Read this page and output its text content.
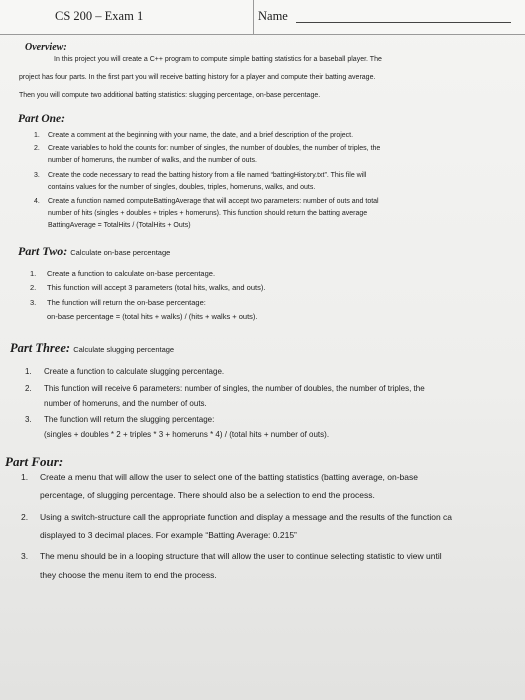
CS 200 – Exam 1	Name
Overview:
In this project you will create a C++ program to compute simple batting statistics for a baseball player. The
project has four parts. In the first part you will receive batting history for a player and compute their batting average.
Then you will compute two additional batting statistics: slugging percentage, on-base percentage.
Part One:
1. Create a comment at the beginning with your name, the date, and a brief description of the project.
2. Create variables to hold the counts for: number of singles, the number of doubles, the number of triples, the
number of homeruns, the number of walks, and the number of outs.
3. Create the code necessary to read the batting history from a file named “battingHistory.txt”. This file will
contains values for the number of singles, doubles, triples, homeruns, walks, and outs.
4. Create a function named computeBattingAverage that will accept two parameters: number of outs and total
number of hits (singles + doubles + triples + homeruns). This function should return the batting average
BattingAverage = TotalHits / (TotalHits + Outs)
Part Two: Calculate on-base percentage
1. Create a function to calculate on-base percentage.
2. This function will accept 3 parameters (total hits, walks, and outs).
3. The function will return the on-base percentage:
on-base percentage = (total hits + walks) / (hits + walks + outs).
Part Three: Calculate slugging percentage
1. Create a function to calculate slugging percentage.
2. This function will receive 6 parameters: number of singles, the number of doubles, the number of triples, the
number of homeruns, and the number of outs.
3. The function will return the slugging percentage:
(singles + doubles * 2 + triples * 3 + homeruns * 4) / (total hits + number of outs).
Part Four:
1. Create a menu that will allow the user to select one of the batting statistics (batting average, on-base
percentage, of slugging percentage. There should also be a selection to end the process.
2. Using a switch-structure call the appropriate function and display a message and the results of the function ca
displayed to 3 decimal places. For example “Batting Average: 0.215”
3. The menu should be in a looping structure that will allow the user to continue selecting statistic to view until
they choose the menu item to end the process.
